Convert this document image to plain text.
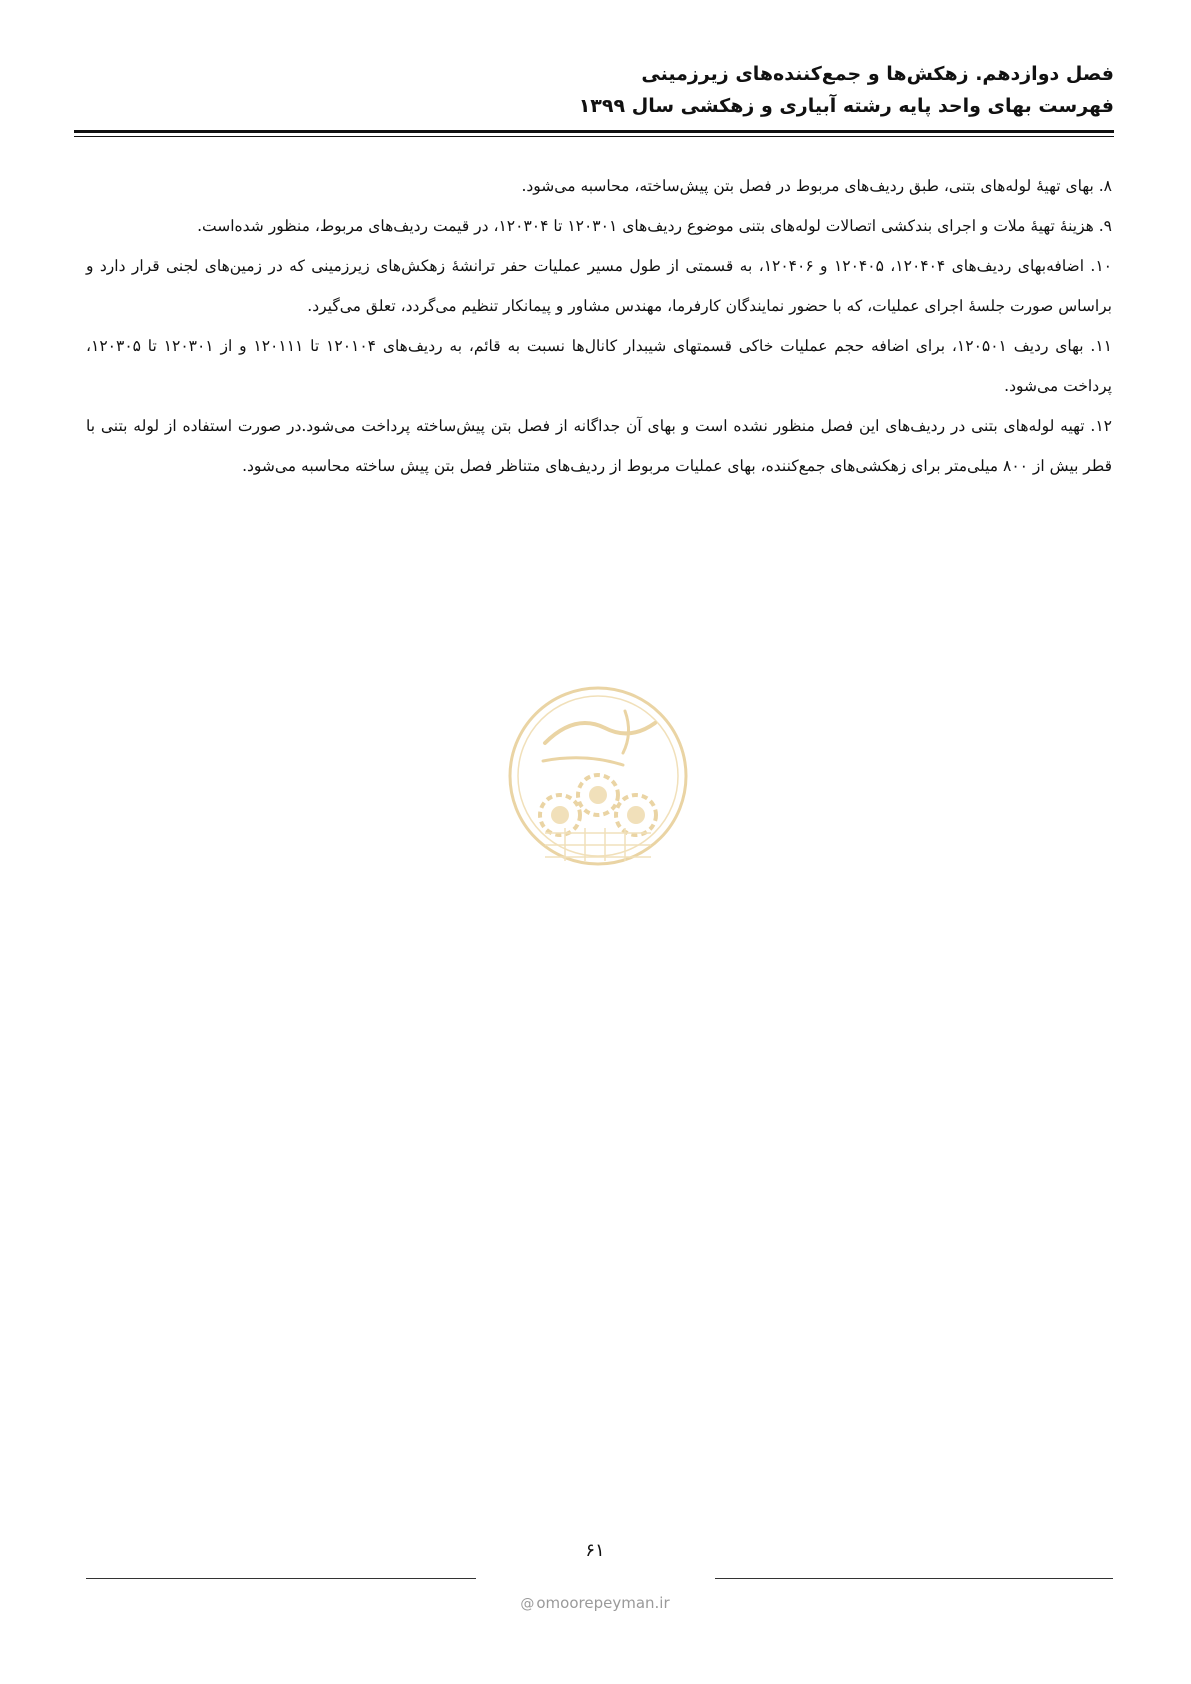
فصل دوازدهم. زهکش‌ها و جمع‌کننده‌های زیرزمینی
فهرست بهای واحد پایه رشته آبیاری و زهکشی سال ۱۳۹۹

۸. بهای تهیهٔ لوله‌های بتنی، طبق ردیف‌های مربوط در فصل بتن پیش‌ساخته، محاسبه می‌شود.

۹. هزینهٔ تهیهٔ ملات و اجرای بندکشی اتصالات لوله‌های بتنی موضوع ردیف‌های ۱۲۰۳۰۱ تا ۱۲۰۳۰۴، در قیمت ردیف‌های مربوط، منظور شده‌است.

۱۰. اضافه‌بهای ردیف‌های ۱۲۰۴۰۴، ۱۲۰۴۰۵ و ۱۲۰۴۰۶، به قسمتی از طول مسیر عملیات حفر ترانشهٔ زهکش‌های زیرزمینی که در زمین‌های لجنی قرار دارد و براساس صورت جلسهٔ اجرای عملیات، که با حضور نمایندگان کارفرما، مهندس مشاور و پیمانکار تنظیم می‌گردد، تعلق می‌گیرد.

۱۱. بهای ردیف ۱۲۰۵۰۱، برای اضافه حجم عملیات خاکی قسمتهای شیبدار کانال‌ها نسبت به قائم، به ردیف‌های ۱۲۰۱۰۴ تا ۱۲۰۱۱۱ و از ۱۲۰۳۰۱ تا ۱۲۰۳۰۵، پرداخت می‌شود.

۱۲. تهیه لوله‌های بتنی در ردیف‌های این فصل منظور نشده است و بهای آن جداگانه از فصل بتن پیش‌ساخته پرداخت می‌شود.در صورت استفاده از لوله بتنی با قطر بیش از ۸۰۰ میلی‌متر برای زهکشی‌های جمع‌کننده، بهای عملیات مربوط از ردیف‌های متناظر فصل بتن پیش ساخته محاسبه می‌شود.

۶۱
@ omoorepeyman.ir
